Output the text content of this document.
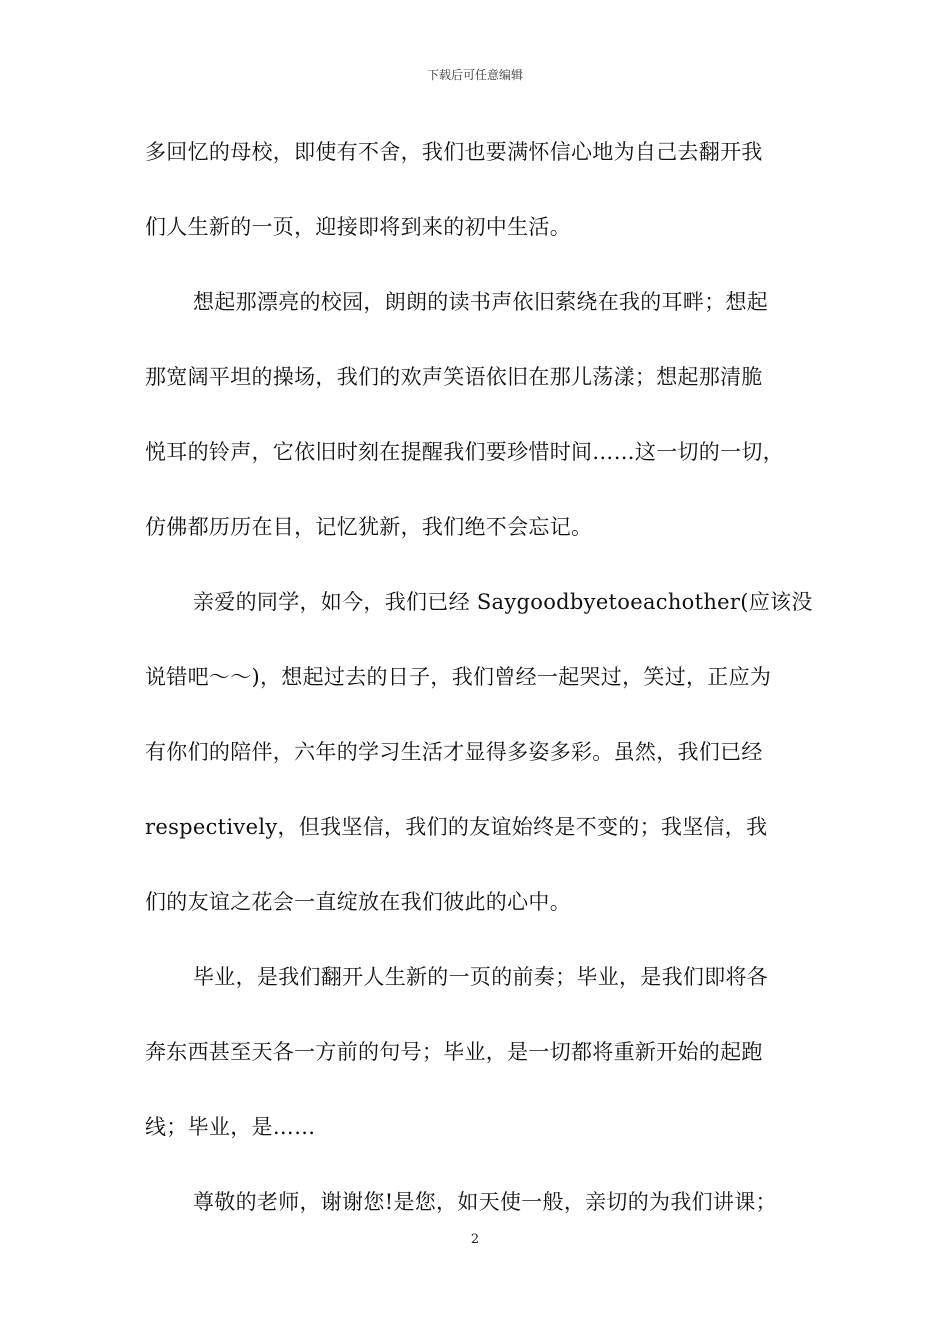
下载后可任意编辑
多回忆的母校，即使有不舍，我们也要满怀信心地为自己去翻开我
们人生新的一页，迎接即将到来的初中生活。
想起那漂亮的校园，朗朗的读书声依旧萦绕在我的耳畔；想起
那宽阔平坦的操场，我们的欢声笑语依旧在那儿荡漾；想起那清脆
悦耳的铃声，它依旧时刻在提醒我们要珍惜时间……这一切的一切，
仿佛都历历在目，记忆犹新，我们绝不会忘记。
亲爱的同学，如今，我们已经 Saygoodbyetoeachother(应该没
说错吧～～)，想起过去的日子，我们曾经一起哭过，笑过，正应为
有你们的陪伴，六年的学习生活才显得多姿多彩。虽然，我们已经
respectively，但我坚信，我们的友谊始终是不变的；我坚信，我
们的友谊之花会一直绽放在我们彼此的心中。
毕业，是我们翻开人生新的一页的前奏；毕业，是我们即将各
奔东西甚至天各一方前的句号；毕业，是一切都将重新开始的起跑
线；毕业，是……
尊敬的老师，谢谢您!是您，如天使一般，亲切的为我们讲课；
2
